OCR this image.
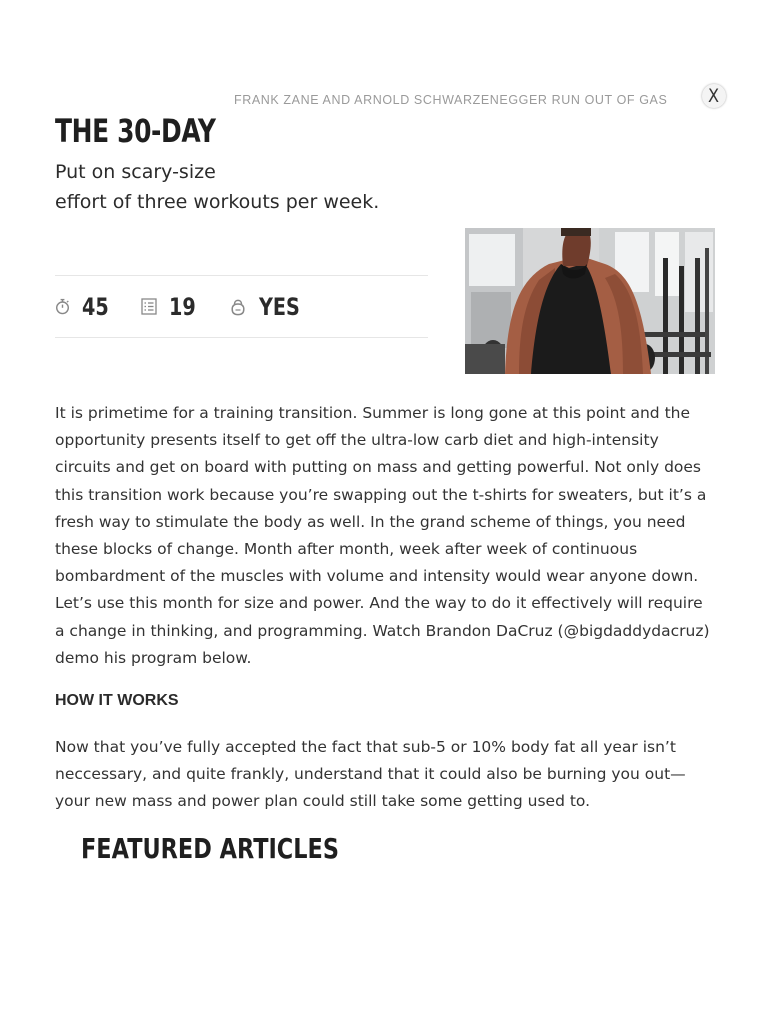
FRANK ZANE AND ARNOLD SCHWARZENEGGER RUN OUT OF GAS X
THE 30-DAY
Put on scary-size
effort of three workouts per week.
45	19	YES

It is primetime for a training transition. Summer is long gone at this point and the opportunity presents itself to get off the ultra-low carb diet and high-intensity circuits and get on board with putting on mass and getting powerful. Not only does this transition work because you’re swapping out the t-shirts for sweaters, but it’s a fresh way to stimulate the body as well. In the grand scheme of things, you need these blocks of change. Month after month, week after week of continuous bombardment of the muscles with volume and intensity would wear anyone down. Let’s use this month for size and power. And the way to do it effectively will require a change in thinking, and programming. Watch Brandon DaCruz (@bigdaddydacruz) demo his program below.

HOW IT WORKS

Now that you’ve fully accepted the fact that sub-5 or 10% body fat all year isn’t neccessary, and quite frankly, understand that it could also be burning you out—your new mass and power plan could still take some getting used to.

FEATURED ARTICLES
